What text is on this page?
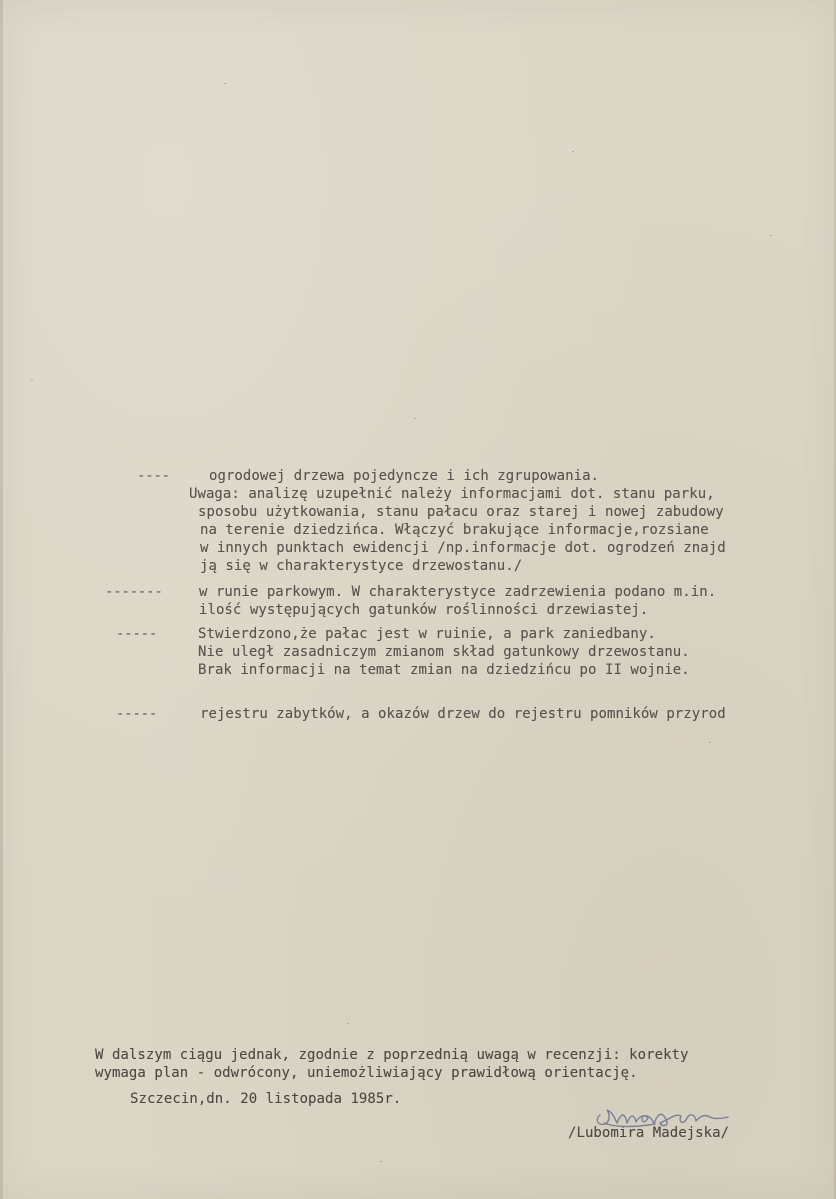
----	ogrodowej drzewa pojedyncze i ich zgrupowania.
Uwaga: analizę uzupełnić należy informacjami dot. stanu parku,
sposobu użytkowania, stanu pałacu oraz starej i nowej zabudowy
na terenie dziedzińca. Włączyć brakujące informacje,rozsiane
w innych punktach ewidencji /np.informacje dot. ogrodzeń znajd
ją się w charakterystyce drzewostanu./
-------	w runie parkowym. W charakterystyce zadrzewienia podano m.in.
ilość występujących gatunków roślinności drzewiastej.
-----	Stwierdzono,że pałac jest w ruinie, a park zaniedbany.
Nie uległ zasadniczym zmianom skład gatunkowy drzewostanu.
Brak informacji na temat zmian na dziedzińcu po II wojnie.
-----	rejestru zabytków, a okazów drzew do rejestru pomników przyrod
W dalszym ciągu jednak, zgodnie z poprzednią uwagą w recenzji: korekty
wymaga plan - odwrócony, uniemożliwiający prawidłową orientację.
Szczecin,dn. 20 listopada 1985r.
/Lubomira Madejska/
